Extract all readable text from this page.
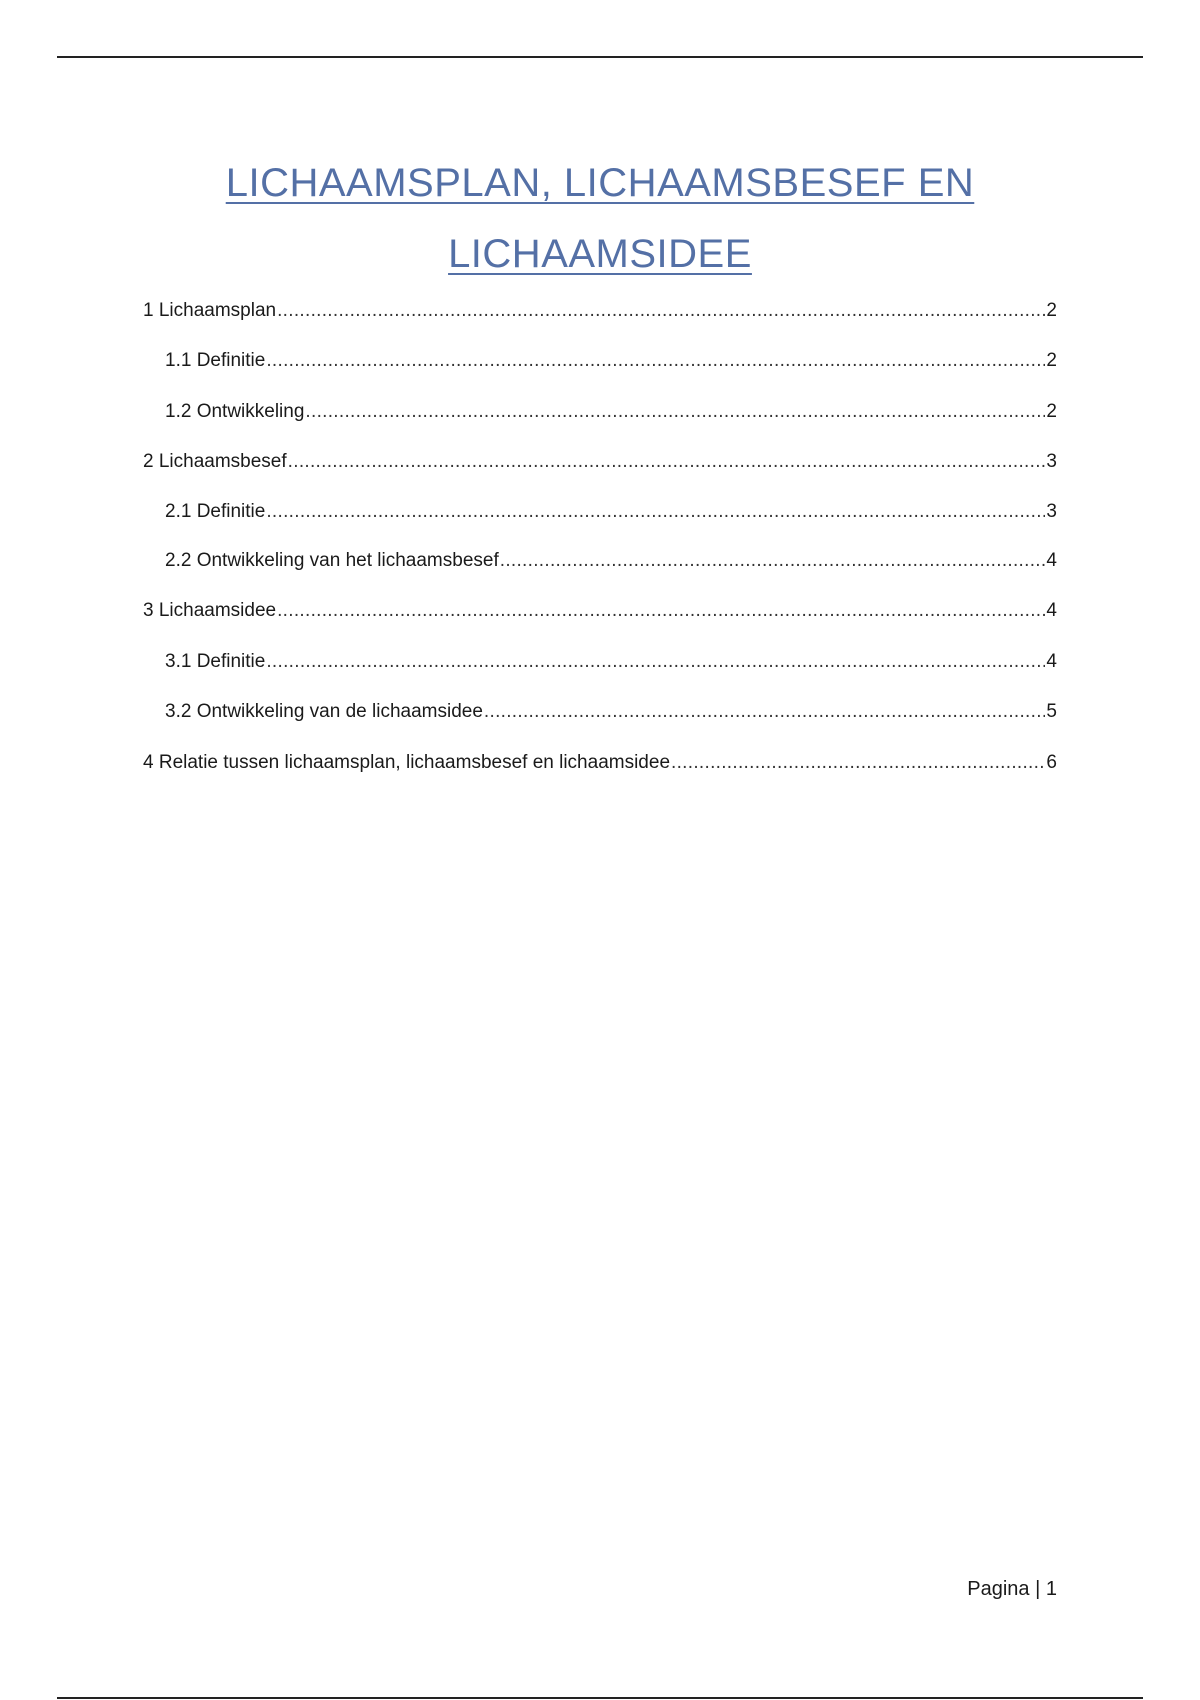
LICHAAMSPLAN, LICHAAMSBESEF EN LICHAAMSIDEE
1 Lichaamsplan .....	2
1.1 Definitie .....	2
1.2 Ontwikkeling .....	2
2 Lichaamsbesef .....	3
2.1 Definitie .....	3
2.2 Ontwikkeling van het lichaamsbesef .....	4
3 Lichaamsidee .....	4
3.1 Definitie .....	4
3.2 Ontwikkeling van de lichaamsidee .....	5
4 Relatie tussen lichaamsplan, lichaamsbesef en lichaamsidee .....	6
Pagina | 1
